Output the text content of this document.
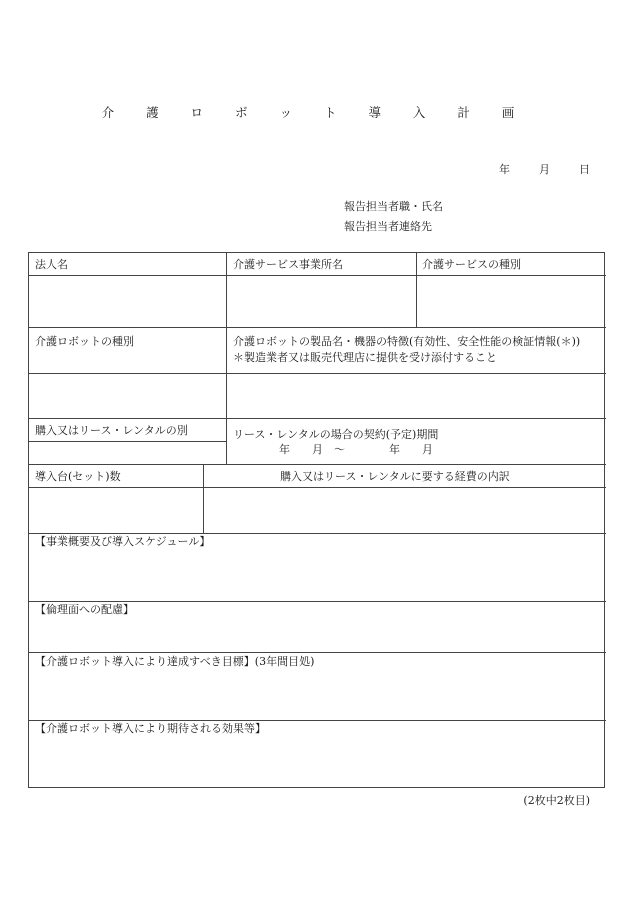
介 護 ロ ボ ッ ト 導 入 計 画
年	月	日
報告担当者職・氏名
報告担当者連絡先
法人名	介護サービス事業所名	介護サービスの種別
介護ロボットの種別	介護ロボットの製品名・機器の特徴(有効性、安全性能の検証情報(＊))
＊製造業者又は販売代理店に提供を受け添付すること
購入又はリース・レンタルの別	リース・レンタルの場合の契約(予定)期間
年　　月　～　　　　年　　月
導入台(セット)数	購入又はリース・レンタルに要する経費の内訳
【事業概要及び導入スケジュール】
【倫理面への配慮】
【介護ロボット導入により達成すべき目標】(3年間目処)
【介護ロボット導入により期待される効果等】
(2枚中2枚目)
